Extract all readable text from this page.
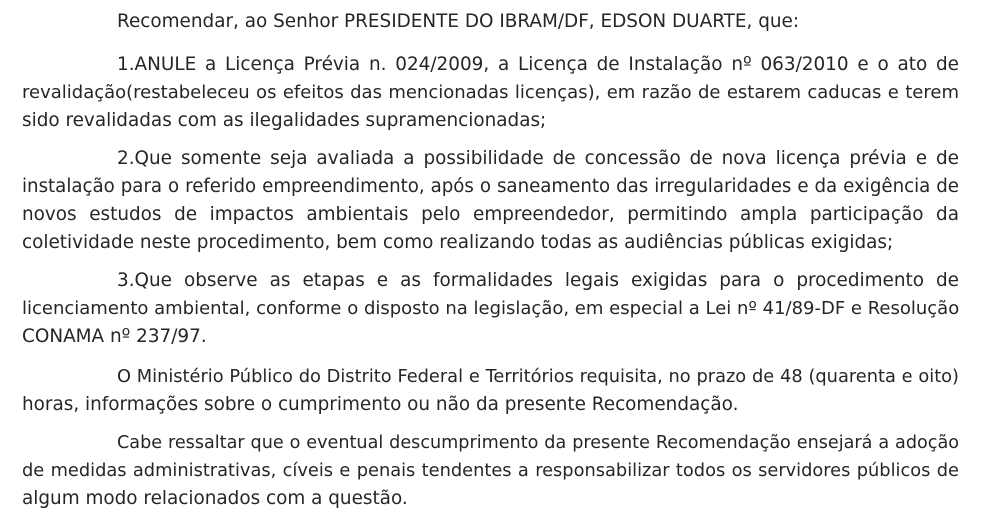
Recomendar, ao Senhor PRESIDENTE DO IBRAM/DF, EDSON DUARTE, que:
1.ANULE a Licença Prévia n. 024/2009, a Licença de Instalação nº 063/2010 e o ato de
revalidação(restabeleceu os efeitos das mencionadas licenças), em razão de estarem caducas e terem
sido revalidadas com as ilegalidades supramencionadas;
2.Que somente seja avaliada a possibilidade de concessão de nova licença prévia e de
instalação para o referido empreendimento, após o saneamento das irregularidades e da exigência de
novos estudos de impactos ambientais pelo empreendedor, permitindo ampla participação da
coletividade neste procedimento, bem como realizando todas as audiências públicas exigidas;
3.Que observe as etapas e as formalidades legais exigidas para o procedimento de
licenciamento ambiental, conforme o disposto na legislação, em especial a Lei nº 41/89-DF e Resolução
CONAMA nº 237/97.
O Ministério Público do Distrito Federal e Territórios requisita, no prazo de 48 (quarenta e oito)
horas, informações sobre o cumprimento ou não da presente Recomendação.
Cabe ressaltar que o eventual descumprimento da presente Recomendação ensejará a adoção
de medidas administrativas, cíveis e penais tendentes a responsabilizar todos os servidores públicos de
algum modo relacionados com a questão.
